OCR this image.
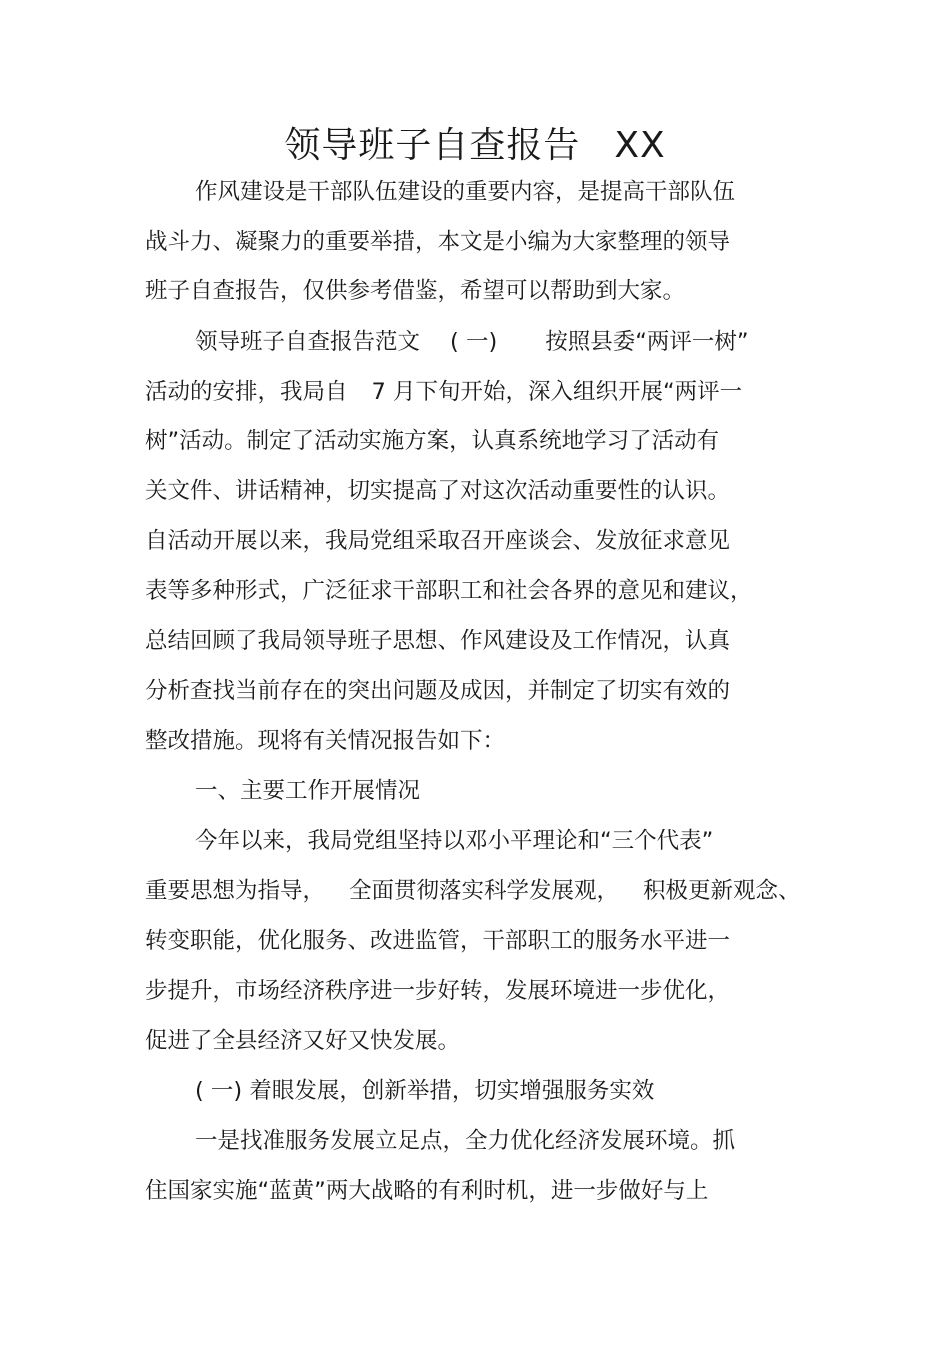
领导班子自查报告 XX
作风建设是干部队伍建设的重要内容，是提高干部队伍
战斗力、凝聚力的重要举措，本文是小编为大家整理的领导
班子自查报告，仅供参考借鉴，希望可以帮助到大家。
领导班子自查报告范文 ( 一) 按照县委“两评一树”
活动的安排，我局自 7 月下旬开始，深入组织开展“两评一
树”活动。制定了活动实施方案，认真系统地学习了活动有
关文件、讲话精神，切实提高了对这次活动重要性的认识。
自活动开展以来，我局党组采取召开座谈会、发放征求意见
表等多种形式，广泛征求干部职工和社会各界的意见和建议，
总结回顾了我局领导班子思想、作风建设及工作情况，认真
分析查找当前存在的突出问题及成因，并制定了切实有效的
整改措施。现将有关情况报告如下：
一、主要工作开展情况
今年以来，我局党组坚持以邓小平理论和“三个代表”
重要思想为指导， 全面贯彻落实科学发展观， 积极更新观念、
转变职能，优化服务、改进监管，干部职工的服务水平进一
步提升，市场经济秩序进一步好转，发展环境进一步优化，
促进了全县经济又好又快发展。
( 一) 着眼发展，创新举措，切实增强服务实效
一是找准服务发展立足点，全力优化经济发展环境。抓
住国家实施“蓝黄”两大战略的有利时机，进一步做好与上
